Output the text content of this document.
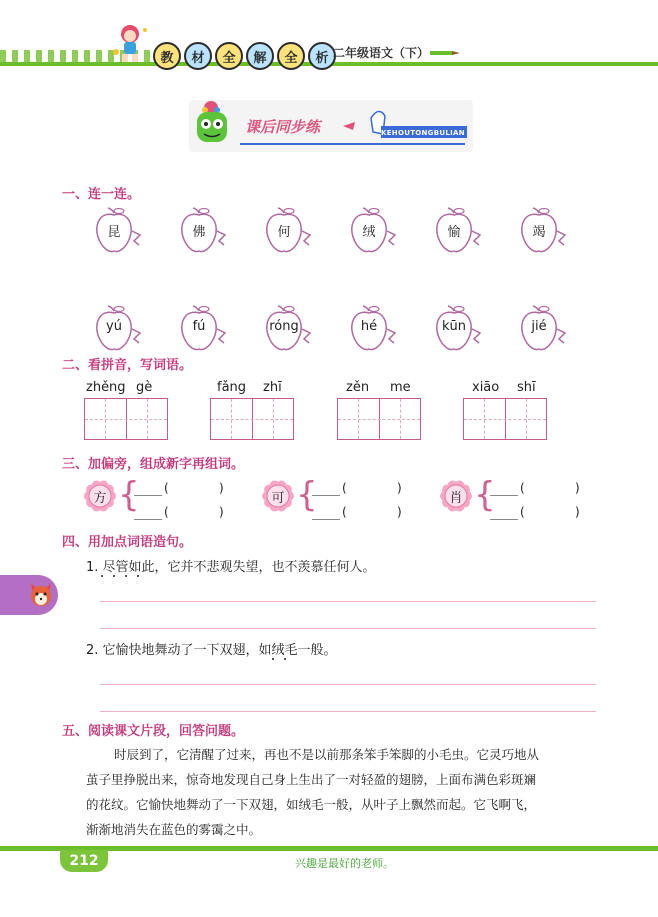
教	材	全	解	全	析 二年级语文（下）
课后同步练	KEHOUTONGBULIAN
一、连一连。
昆	佛	何	绒	愉	竭
yú	fú	róng	hé	kūn	jié
二、看拼音，写词语。
zhěng gè	fǎng zhī	zěn me	xiāo shī
三、加偏旁，组成新字再组词。
方 { (	)
(	)
可 { (	)
(	)
肖 { (	)
(	)
四、用加点词语造句。
1. 尽管如此，它并不悲观失望，也不羡慕任何人。
2. 它愉快地舞动了一下双翅，如绒毛一般。
五、阅读课文片段，回答问题。
时辰到了，它清醒了过来，再也不是以前那条笨手笨脚的小毛虫。它灵巧地从
茧子里挣脱出来，惊奇地发现自己身上生出了一对轻盈的翅膀，上面布满色彩斑斓
的花纹。它愉快地舞动了一下双翅，如绒毛一般，从叶子上飘然而起。它飞啊飞，
渐渐地消失在蓝色的雾霭之中。
212	兴趣是最好的老师。
